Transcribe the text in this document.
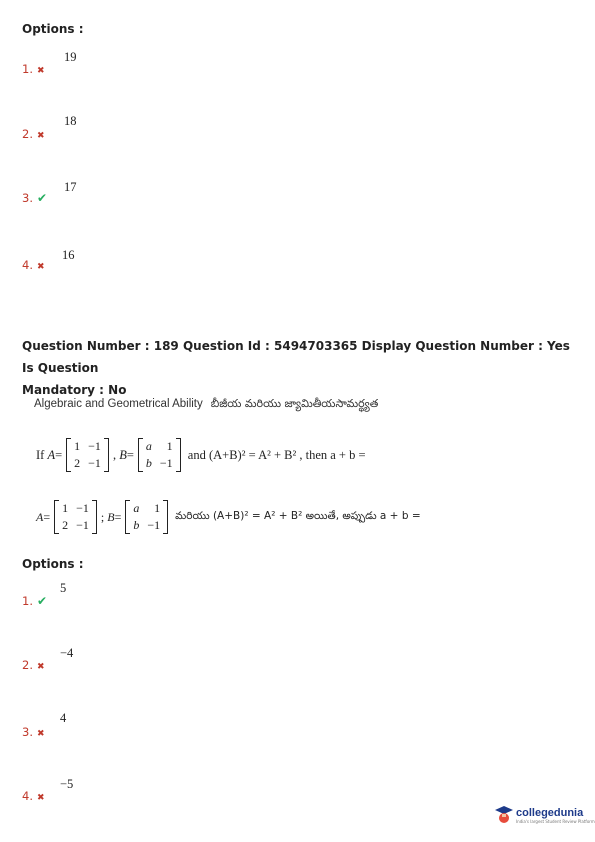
Options :
1. ✖
19
2. ✖
18
3. ✔
17
4. ✖
16
Question Number : 189 Question Id : 5494703365 Display Question Number : Yes Is Question
Mandatory : No
Algebraic and Geometrical Ability బీజీయ మరియు జ్యామితీయసామర్థ్యత
If
A =
1 −1
2 −1
,
B =
a	1
b −1

and (A+B)² = A² + B² , then a + b =
A =
1 −1
2 −1
;
B =
a	1
b −1

మరియు (A+B)² = A² + B² అయితే, అప్పుడు a + b =
Options :
1. ✔
5
2. ✖
−4
3. ✖
4
4. ✖
−5
collegedunia
India's largest Student Review Platform
